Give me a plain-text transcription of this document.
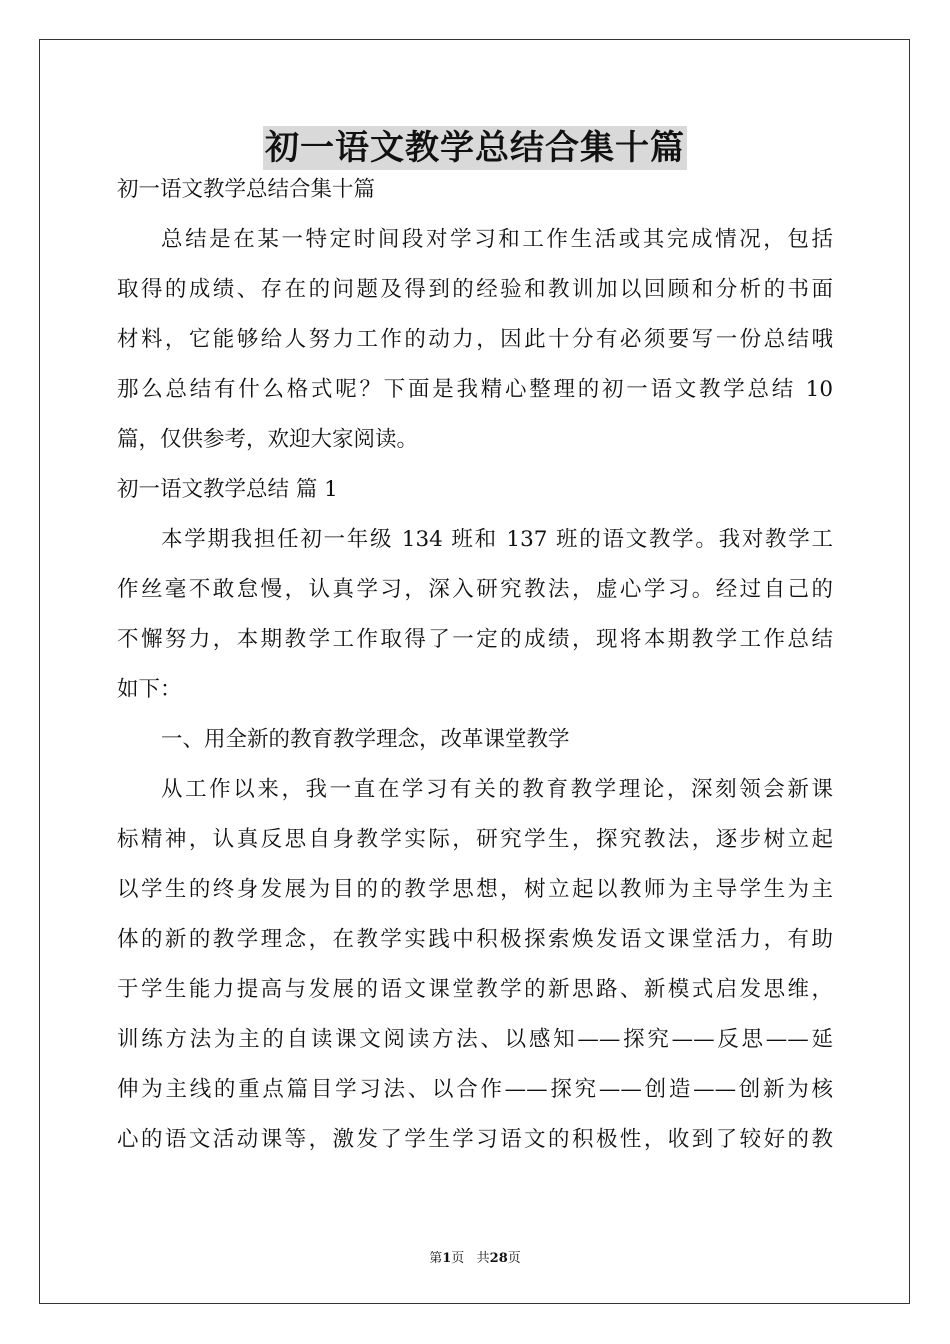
初一语文教学总结合集十篇
初一语文教学总结合集十篇
总结是在某一特定时间段对学习和工作生活或其完成情况，包括
取得的成绩、存在的问题及得到的经验和教训加以回顾和分析的书面
材料，它能够给人努力工作的动力，因此十分有必须要写一份总结哦
那么总结有什么格式呢？下面是我精心整理的初一语文教学总结 10
篇，仅供参考，欢迎大家阅读。
初一语文教学总结 篇 1
本学期我担任初一年级 134 班和 137 班的语文教学。我对教学工
作丝毫不敢怠慢，认真学习，深入研究教法，虚心学习。经过自己的
不懈努力，本期教学工作取得了一定的成绩，现将本期教学工作总结
如下：
一、用全新的教育教学理念，改革课堂教学
从工作以来，我一直在学习有关的教育教学理论，深刻领会新课
标精神，认真反思自身教学实际，研究学生，探究教法，逐步树立起
以学生的终身发展为目的的教学思想，树立起以教师为主导学生为主
体的新的教学理念，在教学实践中积极探索焕发语文课堂活力，有助
于学生能力提高与发展的语文课堂教学的新思路、新模式启发思维，
训练方法为主的自读课文阅读方法、以感知——探究——反思——延
伸为主线的重点篇目学习法、以合作——探究——创造——创新为核
心的语文活动课等，激发了学生学习语文的积极性，收到了较好的教
第1页   共28页
